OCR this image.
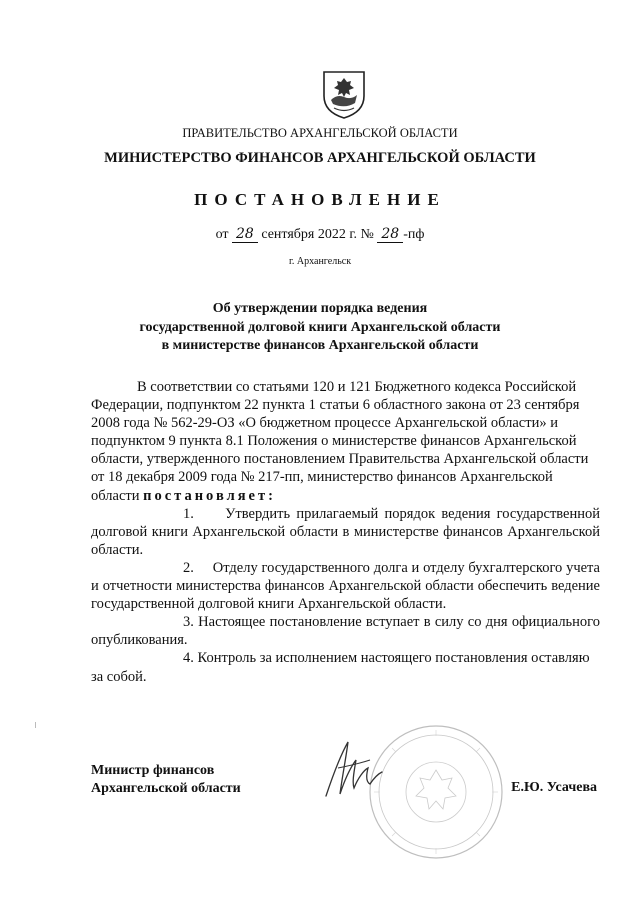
ПРАВИТЕЛЬСТВО АРХАНГЕЛЬСКОЙ ОБЛАСТИ
МИНИСТЕРСТВО ФИНАНСОВ АРХАНГЕЛЬСКОЙ ОБЛАСТИ
ПОСТАНОВЛЕНИЕ
от 28 сентября 2022 г. № 28 -пф
г. Архангельск
Об утверждении порядка ведения
государственной долговой книги Архангельской области
в министерстве финансов Архангельской области

В соответствии со статьями 120 и 121 Бюджетного кодекса Российской Федерации, подпунктом 22 пункта 1 статьи 6 областного закона от 23 сентября 2008 года № 562-29-ОЗ «О бюджетном процессе Архангельской области» и подпунктом 9 пункта 8.1 Положения о министерстве финансов Архангельской области, утвержденного постановлением Правительства Архангельской области от 18 декабря 2009 года № 217-пп, министерство финансов Архангельской области постановляет:

1. Утвердить прилагаемый порядок ведения государственной долговой книги Архангельской области в министерстве финансов Архангельской области.

2. Отделу государственного долга и отделу бухгалтерского учета и отчетности министерства финансов Архангельской области обеспечить ведение государственной долговой книги Архангельской области.

3. Настоящее постановление вступает в силу со дня официального опубликования.

4. Контроль за исполнением настоящего постановления оставляю за собой.

Министр финансов
Архангельской области	Е.Ю. Усачева
